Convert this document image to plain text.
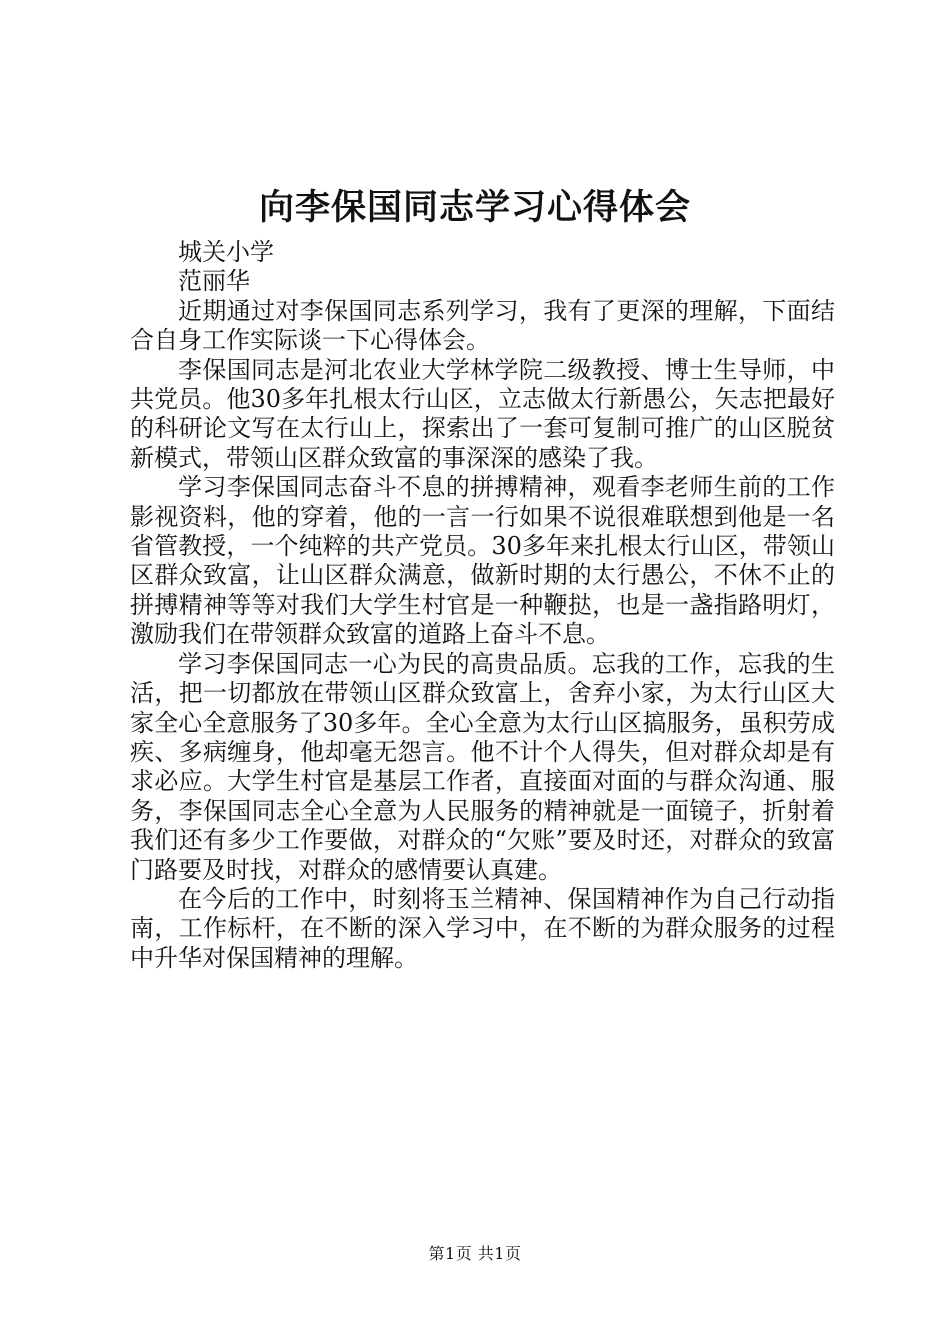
向李保国同志学习心得体会

城关小学

范丽华

近期通过对李保国同志系列学习，我有了更深的理解，下面结合自身工作实际谈一下心得体会。

李保国同志是河北农业大学林学院二级教授、博士生导师，中共党员。他30多年扎根太行山区，立志做太行新愚公，矢志把最好的科研论文写在太行山上，探索出了一套可复制可推广的山区脱贫新模式，带领山区群众致富的事深深的感染了我。

学习李保国同志奋斗不息的拼搏精神，观看李老师生前的工作影视资料，他的穿着，他的一言一行如果不说很难联想到他是一名省管教授，一个纯粹的共产党员。30多年来扎根太行山区，带领山区群众致富，让山区群众满意，做新时期的太行愚公，不休不止的拼搏精神等等对我们大学生村官是一种鞭挞，也是一盏指路明灯，激励我们在带领群众致富的道路上奋斗不息。

学习李保国同志一心为民的高贵品质。忘我的工作，忘我的生活，把一切都放在带领山区群众致富上，舍弃小家，为太行山区大家全心全意服务了30多年。全心全意为太行山区搞服务，虽积劳成疾、多病缠身，他却毫无怨言。他不计个人得失，但对群众却是有求必应。大学生村官是基层工作者，直接面对面的与群众沟通、服务，李保国同志全心全意为人民服务的精神就是一面镜子，折射着我们还有多少工作要做，对群众的“欠账”要及时还，对群众的致富门路要及时找，对群众的感情要认真建。

在今后的工作中，时刻将玉兰精神、保国精神作为自己行动指南，工作标杆，在不断的深入学习中，在不断的为群众服务的过程中升华对保国精神的理解。

第1页 共1页
